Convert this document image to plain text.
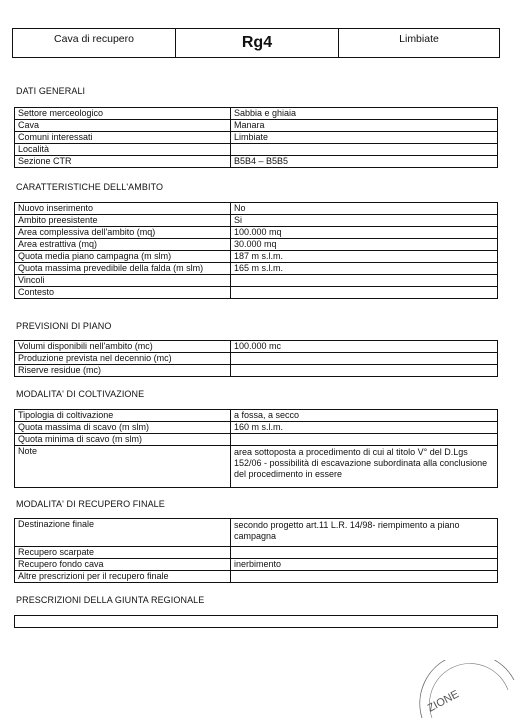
Cava di recupero	Rg4	Limbiate
DATI GENERALI
Settore merceologico	Sabbia e ghiaia
Cava	Manara
Comuni interessati	Limbiate
Località	
Sezione CTR	B5B4 – B5B5
CARATTERISTICHE DELL'AMBITO
Nuovo inserimento	No
Ambito preesistente	Si
Area complessiva dell'ambito (mq)	100.000 mq
Area estrattiva (mq)	30.000 mq
Quota media piano campagna (m slm)	187 m s.l.m.
Quota massima prevedibile della falda (m slm)	165 m s.l.m.
Vincoli	
Contesto	
PREVISIONI DI PIANO
Volumi disponibili nell'ambito (mc)	100.000 mc
Produzione prevista nel decennio (mc)	
Riserve residue (mc)	
MODALITA' DI COLTIVAZIONE
Tipologia di coltivazione	a fossa, a secco
Quota massima di scavo (m slm)	160 m s.l.m.
Quota minima di scavo (m slm)	
Note	area sottoposta a procedimento di cui al titolo V° del D.Lgs 152/06 - possibilità di escavazione subordinata alla conclusione del procedimento in essere
MODALITA' DI RECUPERO FINALE
Destinazione finale	secondo progetto art.11 L.R. 14/98- riempimento a piano campagna
Recupero scarpate	
Recupero fondo cava	inerbimento
Altre prescrizioni per il recupero finale	
PRESCRIZIONI DELLA GIUNTA REGIONALE
ZIONE
